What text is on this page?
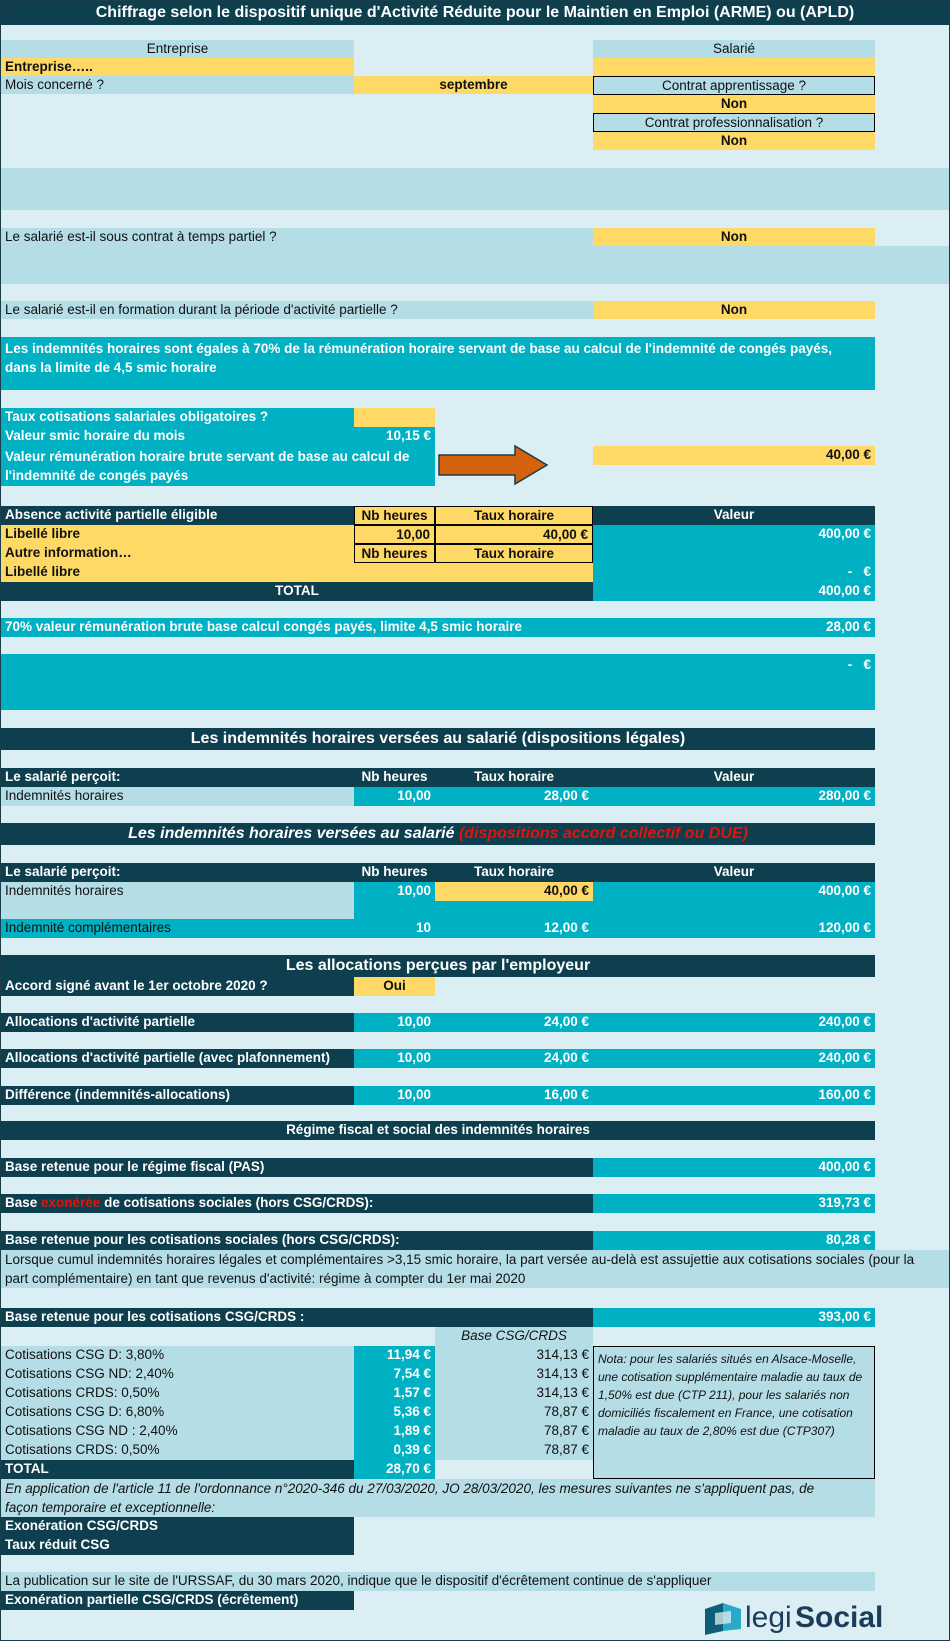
Chiffrage selon le dispositif unique d'Activité Réduite pour le Maintien en Emploi (ARME) ou (APLD)
Entreprise	Salarié
Entreprise…..
Mois concerné ?	septembre	Contrat apprentissage ?
Non
Contrat professionnalisation ?
Non
Le salarié est-il sous contrat à temps partiel ?	Non
Le salarié est-il en formation durant la période d'activité partielle ?	Non
Les indemnités horaires sont égales à 70% de la rémunération horaire servant de base au calcul de l'indemnité de congés payés,
dans la limite de 4,5 smic horaire
Taux cotisations salariales obligatoires ?
Valeur smic horaire du mois	10,15 €
Valeur rémunération horaire brute servant de base au calcul de
l'indemnité de congés payés
40,00 €
Absence activité partielle éligible	Nb heures	Taux horaire	Valeur
Libellé libre	10,00	40,00 €	400,00 €
Autre information…	Nb heures	Taux horaire
Libellé libre	-   €
TOTAL	400,00 €
70% valeur rémunération brute base calcul congés payés, limite 4,5 smic horaire	28,00 €
-   €
Les indemnités horaires versées au salarié (dispositions légales)
Le salarié perçoit:	Nb heures	Taux horaire	Valeur
Indemnités horaires	10,00	28,00 €	280,00 €
Les indemnités horaires versées au salarié (dispositions accord collectif ou DUE)
Le salarié perçoit:	Nb heures	Taux horaire	Valeur
Indemnités horaires	10,00	40,00 €	400,00 €
Indemnité complémentaires	10	12,00 €	120,00 €
Les allocations perçues par l'employeur
Accord signé avant le 1er octobre 2020 ?	Oui
Allocations d'activité partielle	10,00	24,00 €	240,00 €
Allocations d'activité partielle (avec plafonnement)	10,00	24,00 €	240,00 €
Différence (indemnités-allocations)	10,00	16,00 €	160,00 €
Régime fiscal et social des indemnités horaires
Base retenue pour le régime fiscal (PAS)	400,00 €
Base exonérée de cotisations sociales (hors CSG/CRDS):	319,73 €
Base retenue pour les cotisations sociales (hors CSG/CRDS):	80,28 €
Lorsque cumul indemnités horaires légales et complémentaires >3,15 smic horaire, la part versée au-delà est assujettie aux cotisations sociales (pour la
part complémentaire) en tant que revenus d'activité: régime à compter du 1er mai 2020
Base retenue pour les cotisations CSG/CRDS :	393,00 €
Base CSG/CRDS
Cotisations CSG D: 3,80%	11,94 €	314,13 €
Cotisations CSG ND: 2,40%	7,54 €	314,13 €
Cotisations CRDS: 0,50%	1,57 €	314,13 €
Cotisations CSG D: 6,80%	5,36 €	78,87 €
Cotisations CSG ND : 2,40%	1,89 €	78,87 €
Cotisations CRDS: 0,50%	0,39 €	78,87 €
TOTAL	28,70 €
Nota: pour les salariés situés en Alsace-Moselle, une cotisation supplémentaire maladie au taux de 1,50% est due (CTP 211), pour les salariés non domiciliés fiscalement en France, une cotisation maladie au taux de 2,80% est due (CTP307)
En application de l'article 11 de l'ordonnance n°2020-346 du 27/03/2020, JO 28/03/2020, les mesures suivantes ne s'appliquent pas, de
façon temporaire et exceptionnelle:
Exonération CSG/CRDS
Taux réduit CSG
La publication sur le site de l'URSSAF, du 30 mars 2020, indique que le dispositif d'écrêtement continue de s'appliquer
Exonération partielle CSG/CRDS (écrêtement)
legi Social
